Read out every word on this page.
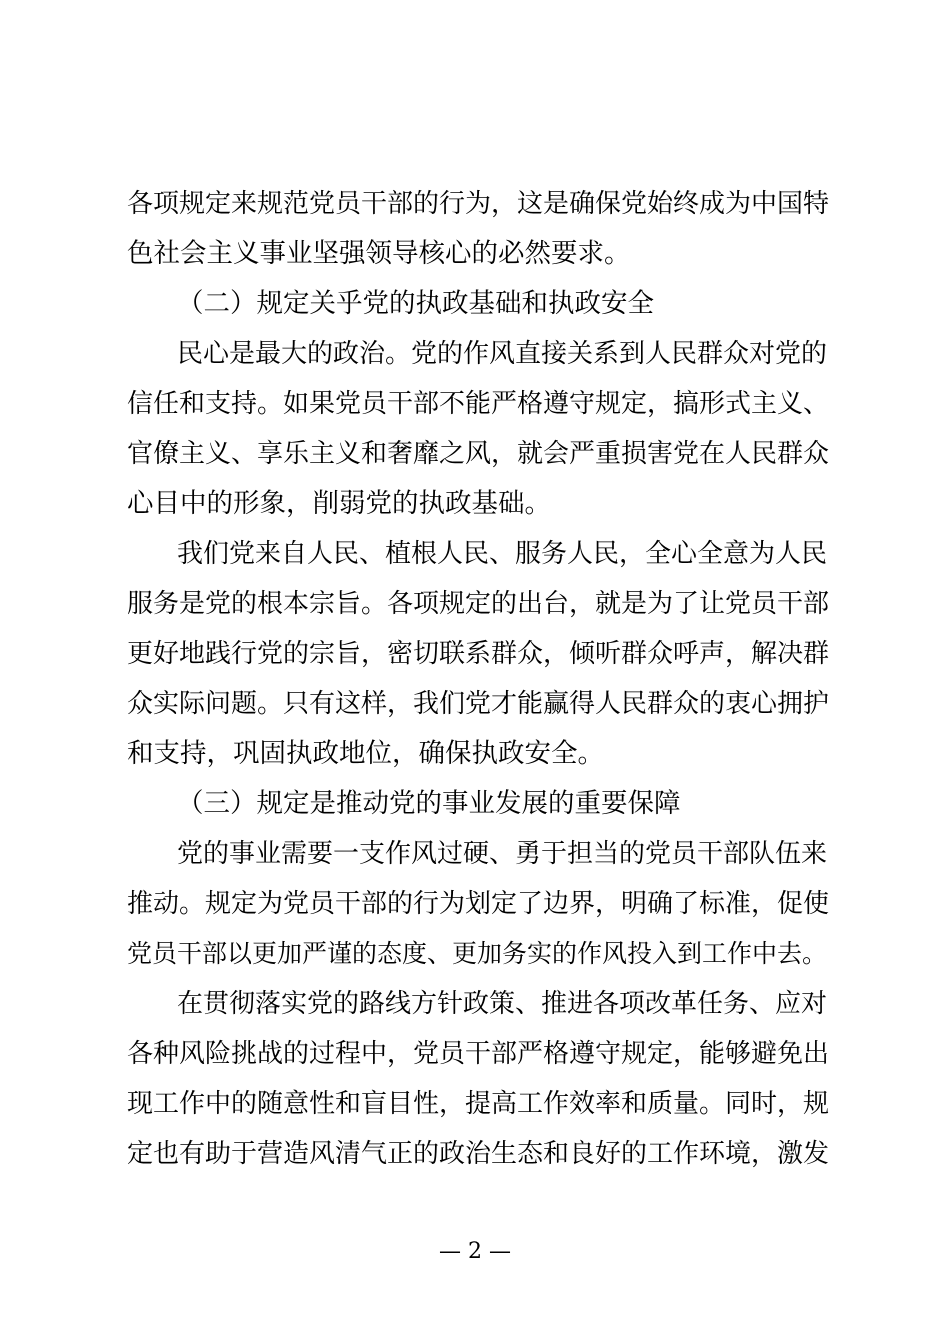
各项规定来规范党员干部的行为，这是确保党始终成为中国特
色社会主义事业坚强领导核心的必然要求。
（二）规定关乎党的执政基础和执政安全
民心是最大的政治。党的作风直接关系到人民群众对党的
信任和支持。如果党员干部不能严格遵守规定，搞形式主义、
官僚主义、享乐主义和奢靡之风，就会严重损害党在人民群众
心目中的形象，削弱党的执政基础。
我们党来自人民、植根人民、服务人民，全心全意为人民
服务是党的根本宗旨。各项规定的出台，就是为了让党员干部
更好地践行党的宗旨，密切联系群众，倾听群众呼声，解决群
众实际问题。只有这样，我们党才能赢得人民群众的衷心拥护
和支持，巩固执政地位，确保执政安全。
（三）规定是推动党的事业发展的重要保障
党的事业需要一支作风过硬、勇于担当的党员干部队伍来
推动。规定为党员干部的行为划定了边界，明确了标准，促使
党员干部以更加严谨的态度、更加务实的作风投入到工作中去。
在贯彻落实党的路线方针政策、推进各项改革任务、应对
各种风险挑战的过程中，党员干部严格遵守规定，能够避免出
现工作中的随意性和盲目性，提高工作效率和质量。同时，规
定也有助于营造风清气正的政治生态和良好的工作环境，激发
— 2 —
